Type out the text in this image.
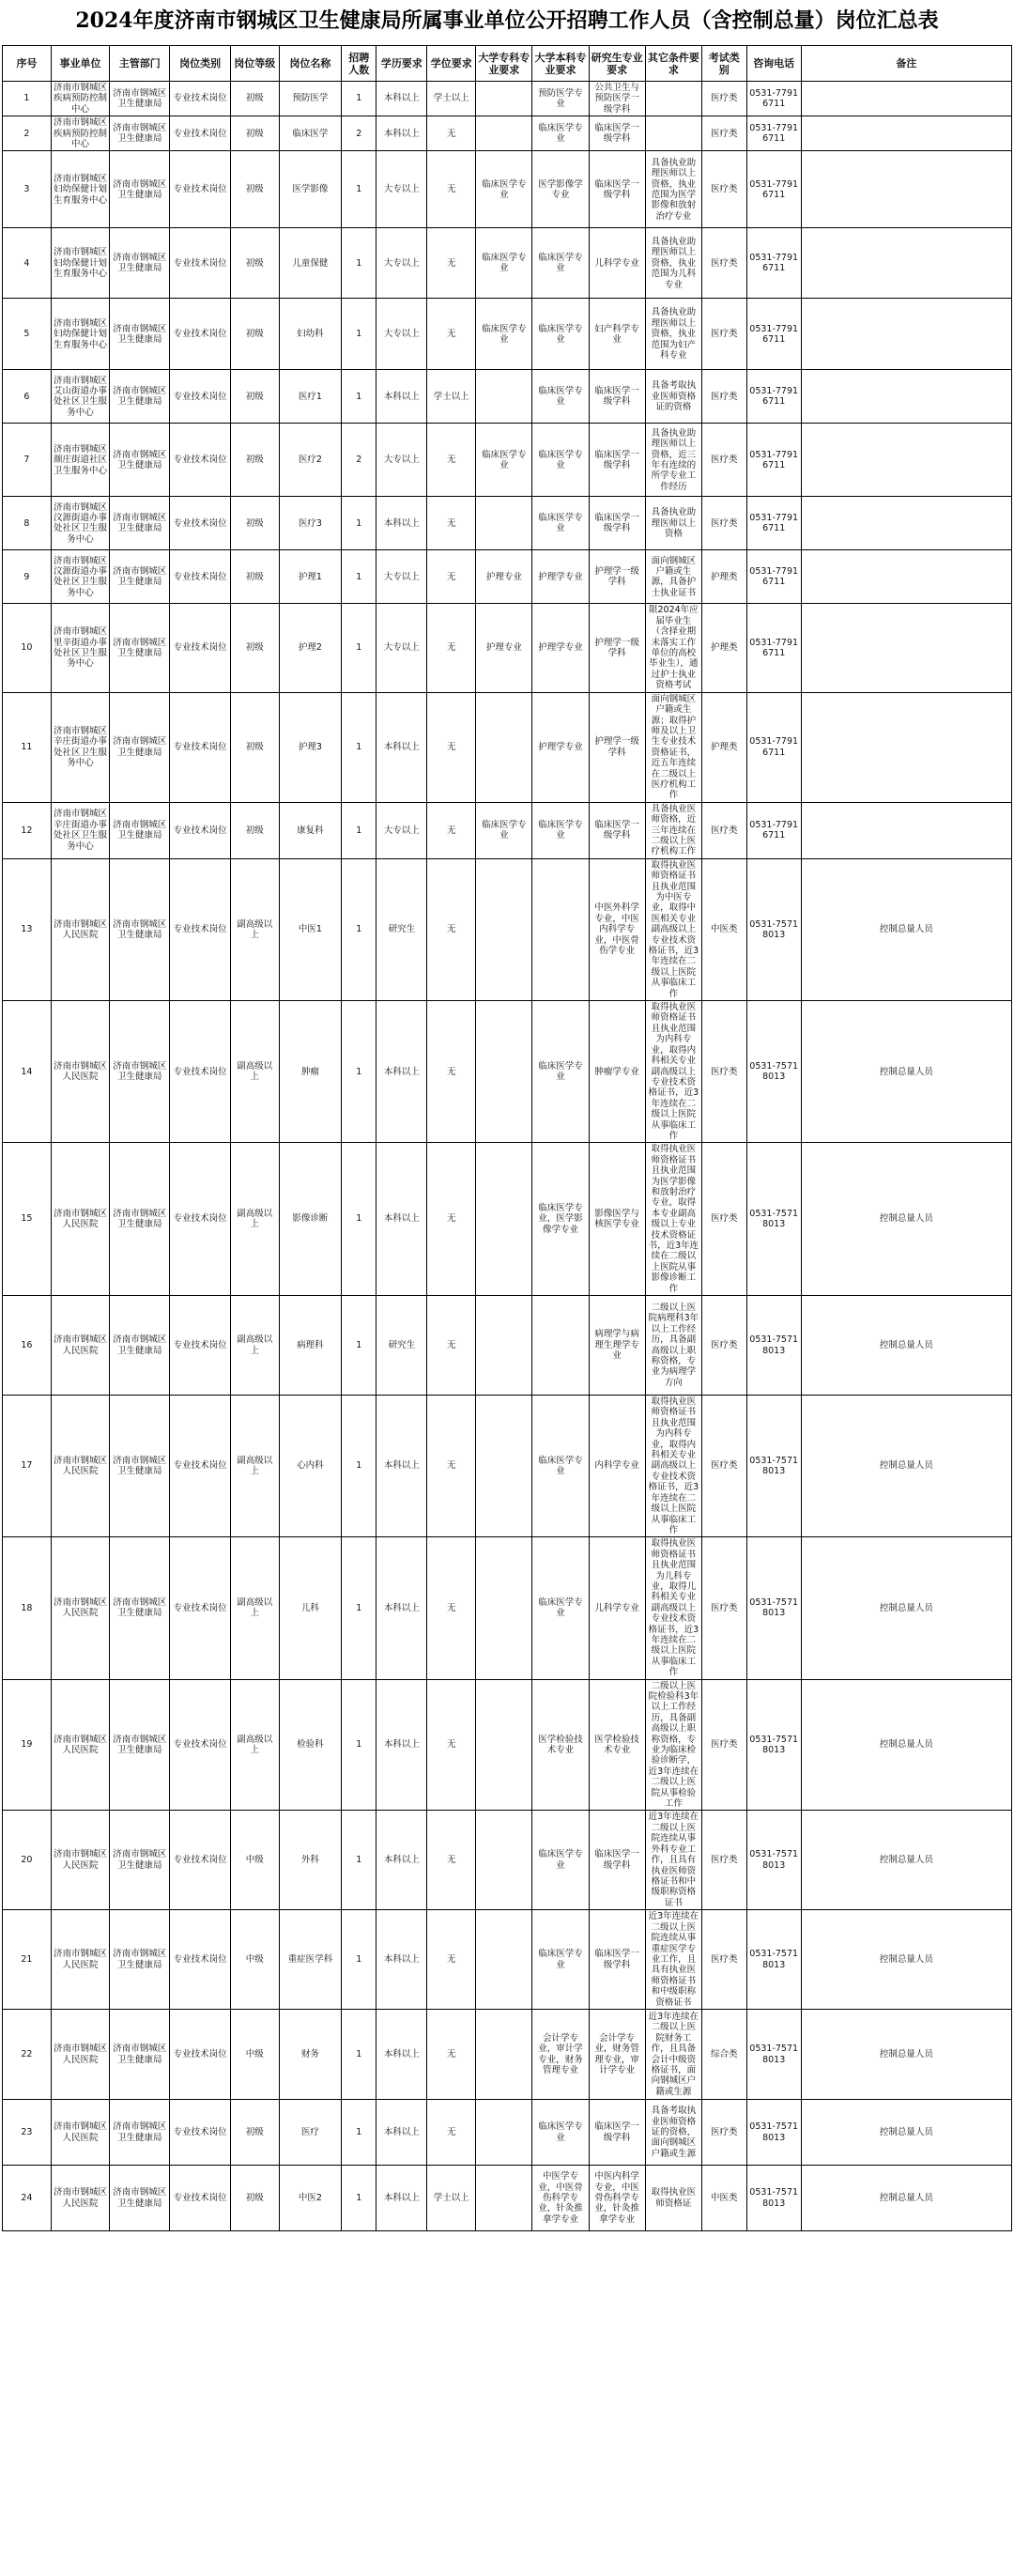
2024年度济南市钢城区卫生健康局所属事业单位公开招聘工作人员（含控制总量）岗位汇总表
序号	事业单位	主管部门	岗位类别	岗位等级	岗位名称	招聘人数	学历要求	学位要求	大学专科专业要求	大学本科专业要求	研究生专业要求	其它条件要求	考试类别	咨询电话	备注
1	济南市钢城区疾病预防控制中心	济南市钢城区卫生健康局	专业技术岗位	初级	预防医学	1	本科以上	学士以上		预防医学专业	公共卫生与预防医学一级学科		医疗类	0531-77916711	
2	济南市钢城区疾病预防控制中心	济南市钢城区卫生健康局	专业技术岗位	初级	临床医学	2	本科以上	无		临床医学专业	临床医学一级学科		医疗类	0531-77916711	
3	济南市钢城区妇幼保健计划生育服务中心	济南市钢城区卫生健康局	专业技术岗位	初级	医学影像	1	大专以上	无	临床医学专业	医学影像学专业	临床医学一级学科	具备执业助理医师以上资格，执业范围为医学影像和放射治疗专业	医疗类	0531-77916711	
4	济南市钢城区妇幼保健计划生育服务中心	济南市钢城区卫生健康局	专业技术岗位	初级	儿童保健	1	大专以上	无	临床医学专业	临床医学专业	儿科学专业	具备执业助理医师以上资格，执业范围为儿科专业	医疗类	0531-77916711	
5	济南市钢城区妇幼保健计划生育服务中心	济南市钢城区卫生健康局	专业技术岗位	初级	妇幼科	1	大专以上	无	临床医学专业	临床医学专业	妇产科学专业	具备执业助理医师以上资格，执业范围为妇产科专业	医疗类	0531-77916711	
6	济南市钢城区艾山街道办事处社区卫生服务中心	济南市钢城区卫生健康局	专业技术岗位	初级	医疗1	1	本科以上	学士以上		临床医学专业	临床医学一级学科	具备考取执业医师资格证的资格	医疗类	0531-77916711	
7	济南市钢城区颜庄街道社区卫生服务中心	济南市钢城区卫生健康局	专业技术岗位	初级	医疗2	2	大专以上	无	临床医学专业	临床医学专业	临床医学一级学科	具备执业助理医师以上资格，近三年有连续的所学专业工作经历	医疗类	0531-77916711	
8	济南市钢城区汶源街道办事处社区卫生服务中心	济南市钢城区卫生健康局	专业技术岗位	初级	医疗3	1	本科以上	无		临床医学专业	临床医学一级学科	具备执业助理医师以上资格	医疗类	0531-77916711	
9	济南市钢城区汶源街道办事处社区卫生服务中心	济南市钢城区卫生健康局	专业技术岗位	初级	护理1	1	大专以上	无	护理专业	护理学专业	护理学一级学科	面向钢城区户籍或生源，具备护士执业证书	护理类	0531-77916711	
10	济南市钢城区里辛街道办事处社区卫生服务中心	济南市钢城区卫生健康局	专业技术岗位	初级	护理2	1	大专以上	无	护理专业	护理学专业	护理学一级学科	限2024年应届毕业生（含择业期未落实工作单位的高校毕业生），通过护士执业资格考试	护理类	0531-77916711	
11	济南市钢城区辛庄街道办事处社区卫生服务中心	济南市钢城区卫生健康局	专业技术岗位	初级	护理3	1	本科以上	无		护理学专业	护理学一级学科	面向钢城区户籍或生源；取得护师及以上卫生专业技术资格证书，近五年连续在二级以上医疗机构工作	护理类	0531-77916711	
12	济南市钢城区辛庄街道办事处社区卫生服务中心	济南市钢城区卫生健康局	专业技术岗位	初级	康复科	1	大专以上	无	临床医学专业	临床医学专业	临床医学一级学科	具备执业医师资格，近三年连续在二级以上医疗机构工作	医疗类	0531-77916711	
13	济南市钢城区人民医院	济南市钢城区卫生健康局	专业技术岗位	副高级以上	中医1	1	研究生	无			中医外科学专业，中医内科学专业，中医骨伤学专业	取得执业医师资格证书且执业范围为中医专业，取得中医相关专业副高级以上专业技术资格证书，近3年连续在二级以上医院从事临床工作	中医类	0531-75718013	控制总量人员
14	济南市钢城区人民医院	济南市钢城区卫生健康局	专业技术岗位	副高级以上	肿瘤	1	本科以上	无		临床医学专业	肿瘤学专业	取得执业医师资格证书且执业范围为内科专业，取得内科相关专业副高级以上专业技术资格证书，近3年连续在二级以上医院从事临床工作	医疗类	0531-75718013	控制总量人员
15	济南市钢城区人民医院	济南市钢城区卫生健康局	专业技术岗位	副高级以上	影像诊断	1	本科以上	无		临床医学专业，医学影像学专业	影像医学与核医学专业	取得执业医师资格证书且执业范围为医学影像和放射治疗专业，取得本专业副高级以上专业技术资格证书，近3年连续在二级以上医院从事影像诊断工作	医疗类	0531-75718013	控制总量人员
16	济南市钢城区人民医院	济南市钢城区卫生健康局	专业技术岗位	副高级以上	病理科	1	研究生	无			病理学与病理生理学专业	二级以上医院病理科3年以上工作经历，具备副高级以上职称资格，专业为病理学方向	医疗类	0531-75718013	控制总量人员
17	济南市钢城区人民医院	济南市钢城区卫生健康局	专业技术岗位	副高级以上	心内科	1	本科以上	无		临床医学专业	内科学专业	取得执业医师资格证书且执业范围为内科专业，取得内科相关专业副高级以上专业技术资格证书，近3年连续在二级以上医院从事临床工作	医疗类	0531-75718013	控制总量人员
18	济南市钢城区人民医院	济南市钢城区卫生健康局	专业技术岗位	副高级以上	儿科	1	本科以上	无		临床医学专业	儿科学专业	取得执业医师资格证书且执业范围为儿科专业，取得儿科相关专业副高级以上专业技术资格证书，近3年连续在二级以上医院从事临床工作	医疗类	0531-75718013	控制总量人员
19	济南市钢城区人民医院	济南市钢城区卫生健康局	专业技术岗位	副高级以上	检验科	1	本科以上	无		医学检验技术专业	医学检验技术专业	二级以上医院检验科3年以上工作经历，具备副高级以上职称资格，专业为临床检验诊断学，近3年连续在二级以上医院从事检验工作	医疗类	0531-75718013	控制总量人员
20	济南市钢城区人民医院	济南市钢城区卫生健康局	专业技术岗位	中级	外科	1	本科以上	无		临床医学专业	临床医学一级学科	近3年连续在二级以上医院连续从事外科专业工作，且具有执业医师资格证书和中级职称资格证书	医疗类	0531-75718013	控制总量人员
21	济南市钢城区人民医院	济南市钢城区卫生健康局	专业技术岗位	中级	重症医学科	1	本科以上	无		临床医学专业	临床医学一级学科	近3年连续在二级以上医院连续从事重症医学专业工作，且具有执业医师资格证书和中级职称资格证书	医疗类	0531-75718013	控制总量人员
22	济南市钢城区人民医院	济南市钢城区卫生健康局	专业技术岗位	中级	财务	1	本科以上	无		会计学专业，审计学专业，财务管理专业	会计学专业，财务管理专业，审计学专业	近3年连续在二级以上医院财务工作，且具备会计中级资格证书，面向钢城区户籍或生源	综合类	0531-75718013	控制总量人员
23	济南市钢城区人民医院	济南市钢城区卫生健康局	专业技术岗位	初级	医疗	1	本科以上	无		临床医学专业	临床医学一级学科	具备考取执业医师资格证的资格，面向钢城区户籍或生源	医疗类	0531-75718013	控制总量人员
24	济南市钢城区人民医院	济南市钢城区卫生健康局	专业技术岗位	初级	中医2	1	本科以上	学士以上		中医学专业，中医骨伤科学专业，针灸推拿学专业	中医内科学专业，中医骨伤科学专业，针灸推拿学专业	取得执业医师资格证	中医类	0531-75718013	控制总量人员
